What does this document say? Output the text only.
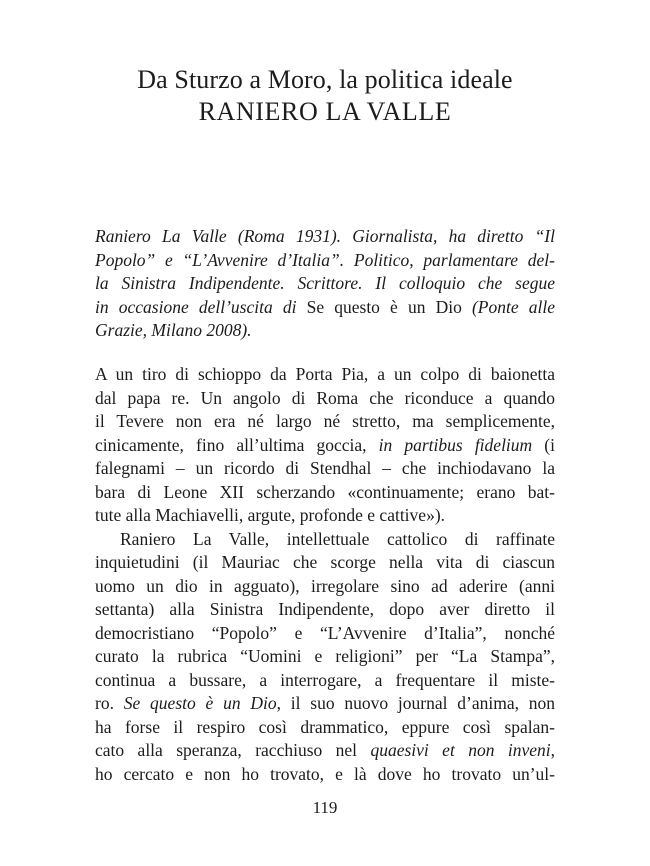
Da Sturzo a Moro, la politica ideale
RANIERO LA VALLE
Raniero La Valle (Roma 1931). Giornalista, ha diretto “Il
Popolo” e “L’Avvenire d’Italia”. Politico, parlamentare del-
la Sinistra Indipendente. Scrittore. Il colloquio che segue
in occasione dell’uscita di Se questo è un Dio (Ponte alle
Grazie, Milano 2008).
A un tiro di schioppo da Porta Pia, a un colpo di baionetta
dal papa re. Un angolo di Roma che riconduce a quando
il Tevere non era né largo né stretto, ma semplicemente,
cinicamente, fino all’ultima goccia, in partibus fidelium (i
falegnami – un ricordo di Stendhal – che inchiodavano la
bara di Leone XII scherzando «continuamente; erano bat-
tute alla Machiavelli, argute, profonde e cattive»).
Raniero La Valle, intellettuale cattolico di raffinate
inquietudini (il Mauriac che scorge nella vita di ciascun
uomo un dio in agguato), irregolare sino ad aderire (anni
settanta) alla Sinistra Indipendente, dopo aver diretto il
democristiano “Popolo” e “L’Avvenire d’Italia”, nonché
curato la rubrica “Uomini e religioni” per “La Stampa”,
continua a bussare, a interrogare, a frequentare il miste-
ro. Se questo è un Dio, il suo nuovo journal d’anima, non
ha forse il respiro così drammatico, eppure così spalan-
cato alla speranza, racchiuso nel quaesivi et non inveni,
ho cercato e non ho trovato, e là dove ho trovato un’ul-
119
